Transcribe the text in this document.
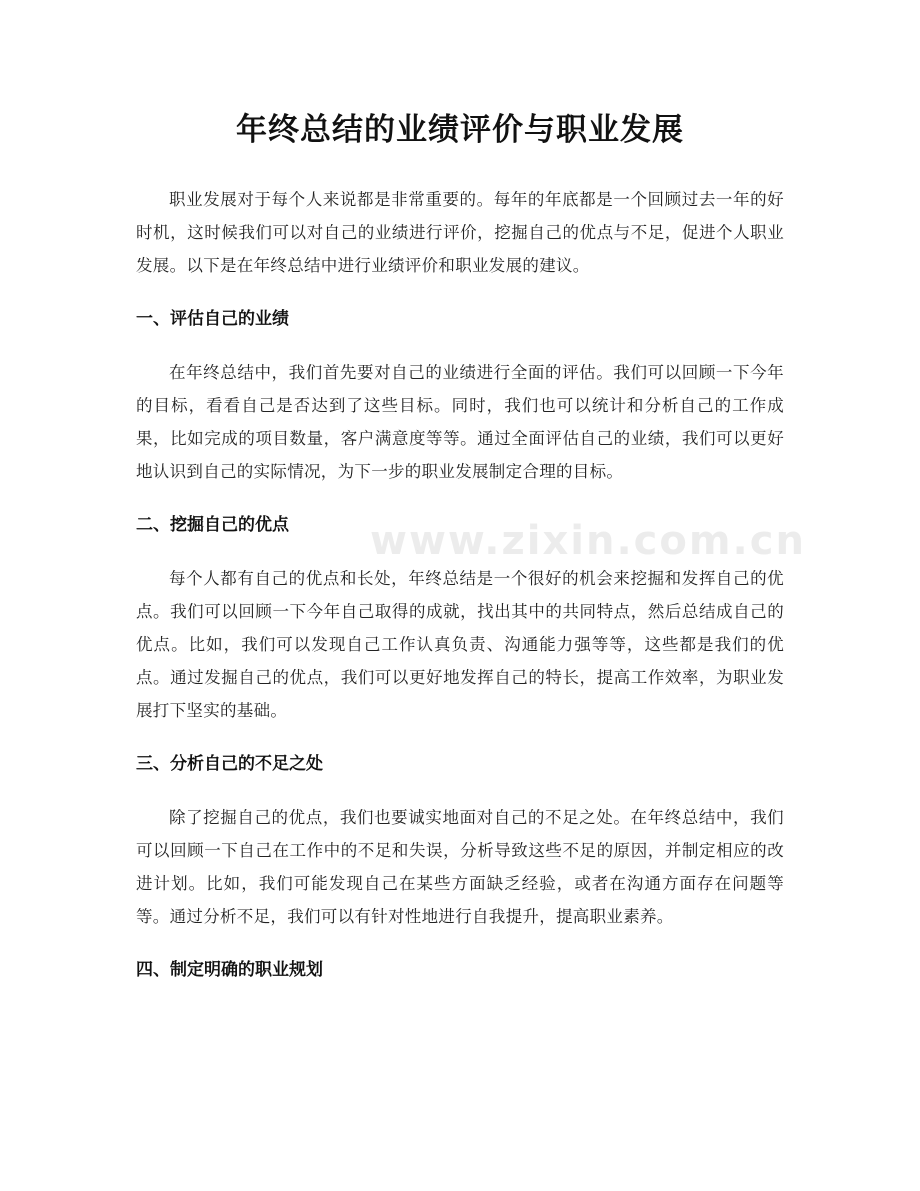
年终总结的业绩评价与职业发展

职业发展对于每个人来说都是非常重要的。每年的年底都是一个回顾过去一年的好时机，这时候我们可以对自己的业绩进行评价，挖掘自己的优点与不足，促进个人职业发展。以下是在年终总结中进行业绩评价和职业发展的建议。

一、评估自己的业绩

在年终总结中，我们首先要对自己的业绩进行全面的评估。我们可以回顾一下今年的目标，看看自己是否达到了这些目标。同时，我们也可以统计和分析自己的工作成果，比如完成的项目数量，客户满意度等等。通过全面评估自己的业绩，我们可以更好地认识到自己的实际情况，为下一步的职业发展制定合理的目标。

二、挖掘自己的优点

每个人都有自己的优点和长处，年终总结是一个很好的机会来挖掘和发挥自己的优点。我们可以回顾一下今年自己取得的成就，找出其中的共同特点，然后总结成自己的优点。比如，我们可以发现自己工作认真负责、沟通能力强等等，这些都是我们的优点。通过发掘自己的优点，我们可以更好地发挥自己的特长，提高工作效率，为职业发展打下坚实的基础。

三、分析自己的不足之处

除了挖掘自己的优点，我们也要诚实地面对自己的不足之处。在年终总结中，我们可以回顾一下自己在工作中的不足和失误，分析导致这些不足的原因，并制定相应的改进计划。比如，我们可能发现自己在某些方面缺乏经验，或者在沟通方面存在问题等等。通过分析不足，我们可以有针对性地进行自我提升，提高职业素养。

四、制定明确的职业规划
www.zixin.com.cn
